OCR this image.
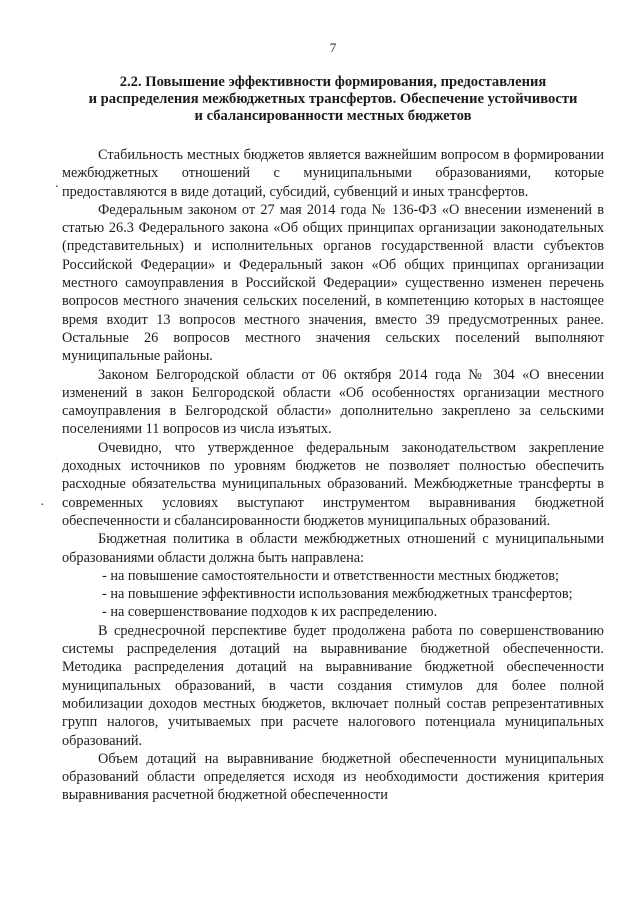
7
2.2. Повышение эффективности формирования, предоставления
и распределения межбюджетных трансфертов. Обеспечение устойчивости
и сбалансированности местных бюджетов

Стабильность местных бюджетов является важнейшим вопросом в формировании межбюджетных отношений с муниципальными образованиями, которые предоставляются в виде дотаций, субсидий, субвенций и иных трансфертов.

Федеральным законом от 27 мая 2014 года № 136-ФЗ «О внесении изменений в статью 26.3 Федерального закона «Об общих принципах организации законодательных (представительных) и исполнительных органов государственной власти субъектов Российской Федерации» и Федеральный закон «Об общих принципах организации местного самоуправления в Российской Федерации» существенно изменен перечень вопросов местного значения сельских поселений, в компетенцию которых в настоящее время входит 13 вопросов местного значения, вместо 39 предусмотренных ранее. Остальные 26 вопросов местного значения сельских поселений выполняют муниципальные районы.

Законом Белгородской области от 06 октября 2014 года № 304 «О внесении изменений в закон Белгородской области «Об особенностях организации местного самоуправления в Белгородской области» дополнительно закреплено за сельскими поселениями 11 вопросов из числа изъятых.

Очевидно, что утвержденное федеральным законодательством закрепление доходных источников по уровням бюджетов не позволяет полностью обеспечить расходные обязательства муниципальных образований. Межбюджетные трансферты в современных условиях выступают инструментом выравнивания бюджетной обеспеченности и сбалансированности бюджетов муниципальных образований.

Бюджетная политика в области межбюджетных отношений с муниципальными образованиями области должна быть направлена:

- на повышение самостоятельности и ответственности местных бюджетов;

- на повышение эффективности использования межбюджетных трансфертов;

- на совершенствование подходов к их распределению.

В среднесрочной перспективе будет продолжена работа по совершенствованию системы распределения дотаций на выравнивание бюджетной обеспеченности. Методика распределения дотаций на выравнивание бюджетной обеспеченности муниципальных образований, в части создания стимулов для более полной мобилизации доходов местных бюджетов, включает полный состав репрезентативных групп налогов, учитываемых при расчете налогового потенциала муниципальных образований.

Объем дотаций на выравнивание бюджетной обеспеченности муниципальных образований области определяется исходя из необходимости достижения критерия выравнивания расчетной бюджетной обеспеченности

.
·
